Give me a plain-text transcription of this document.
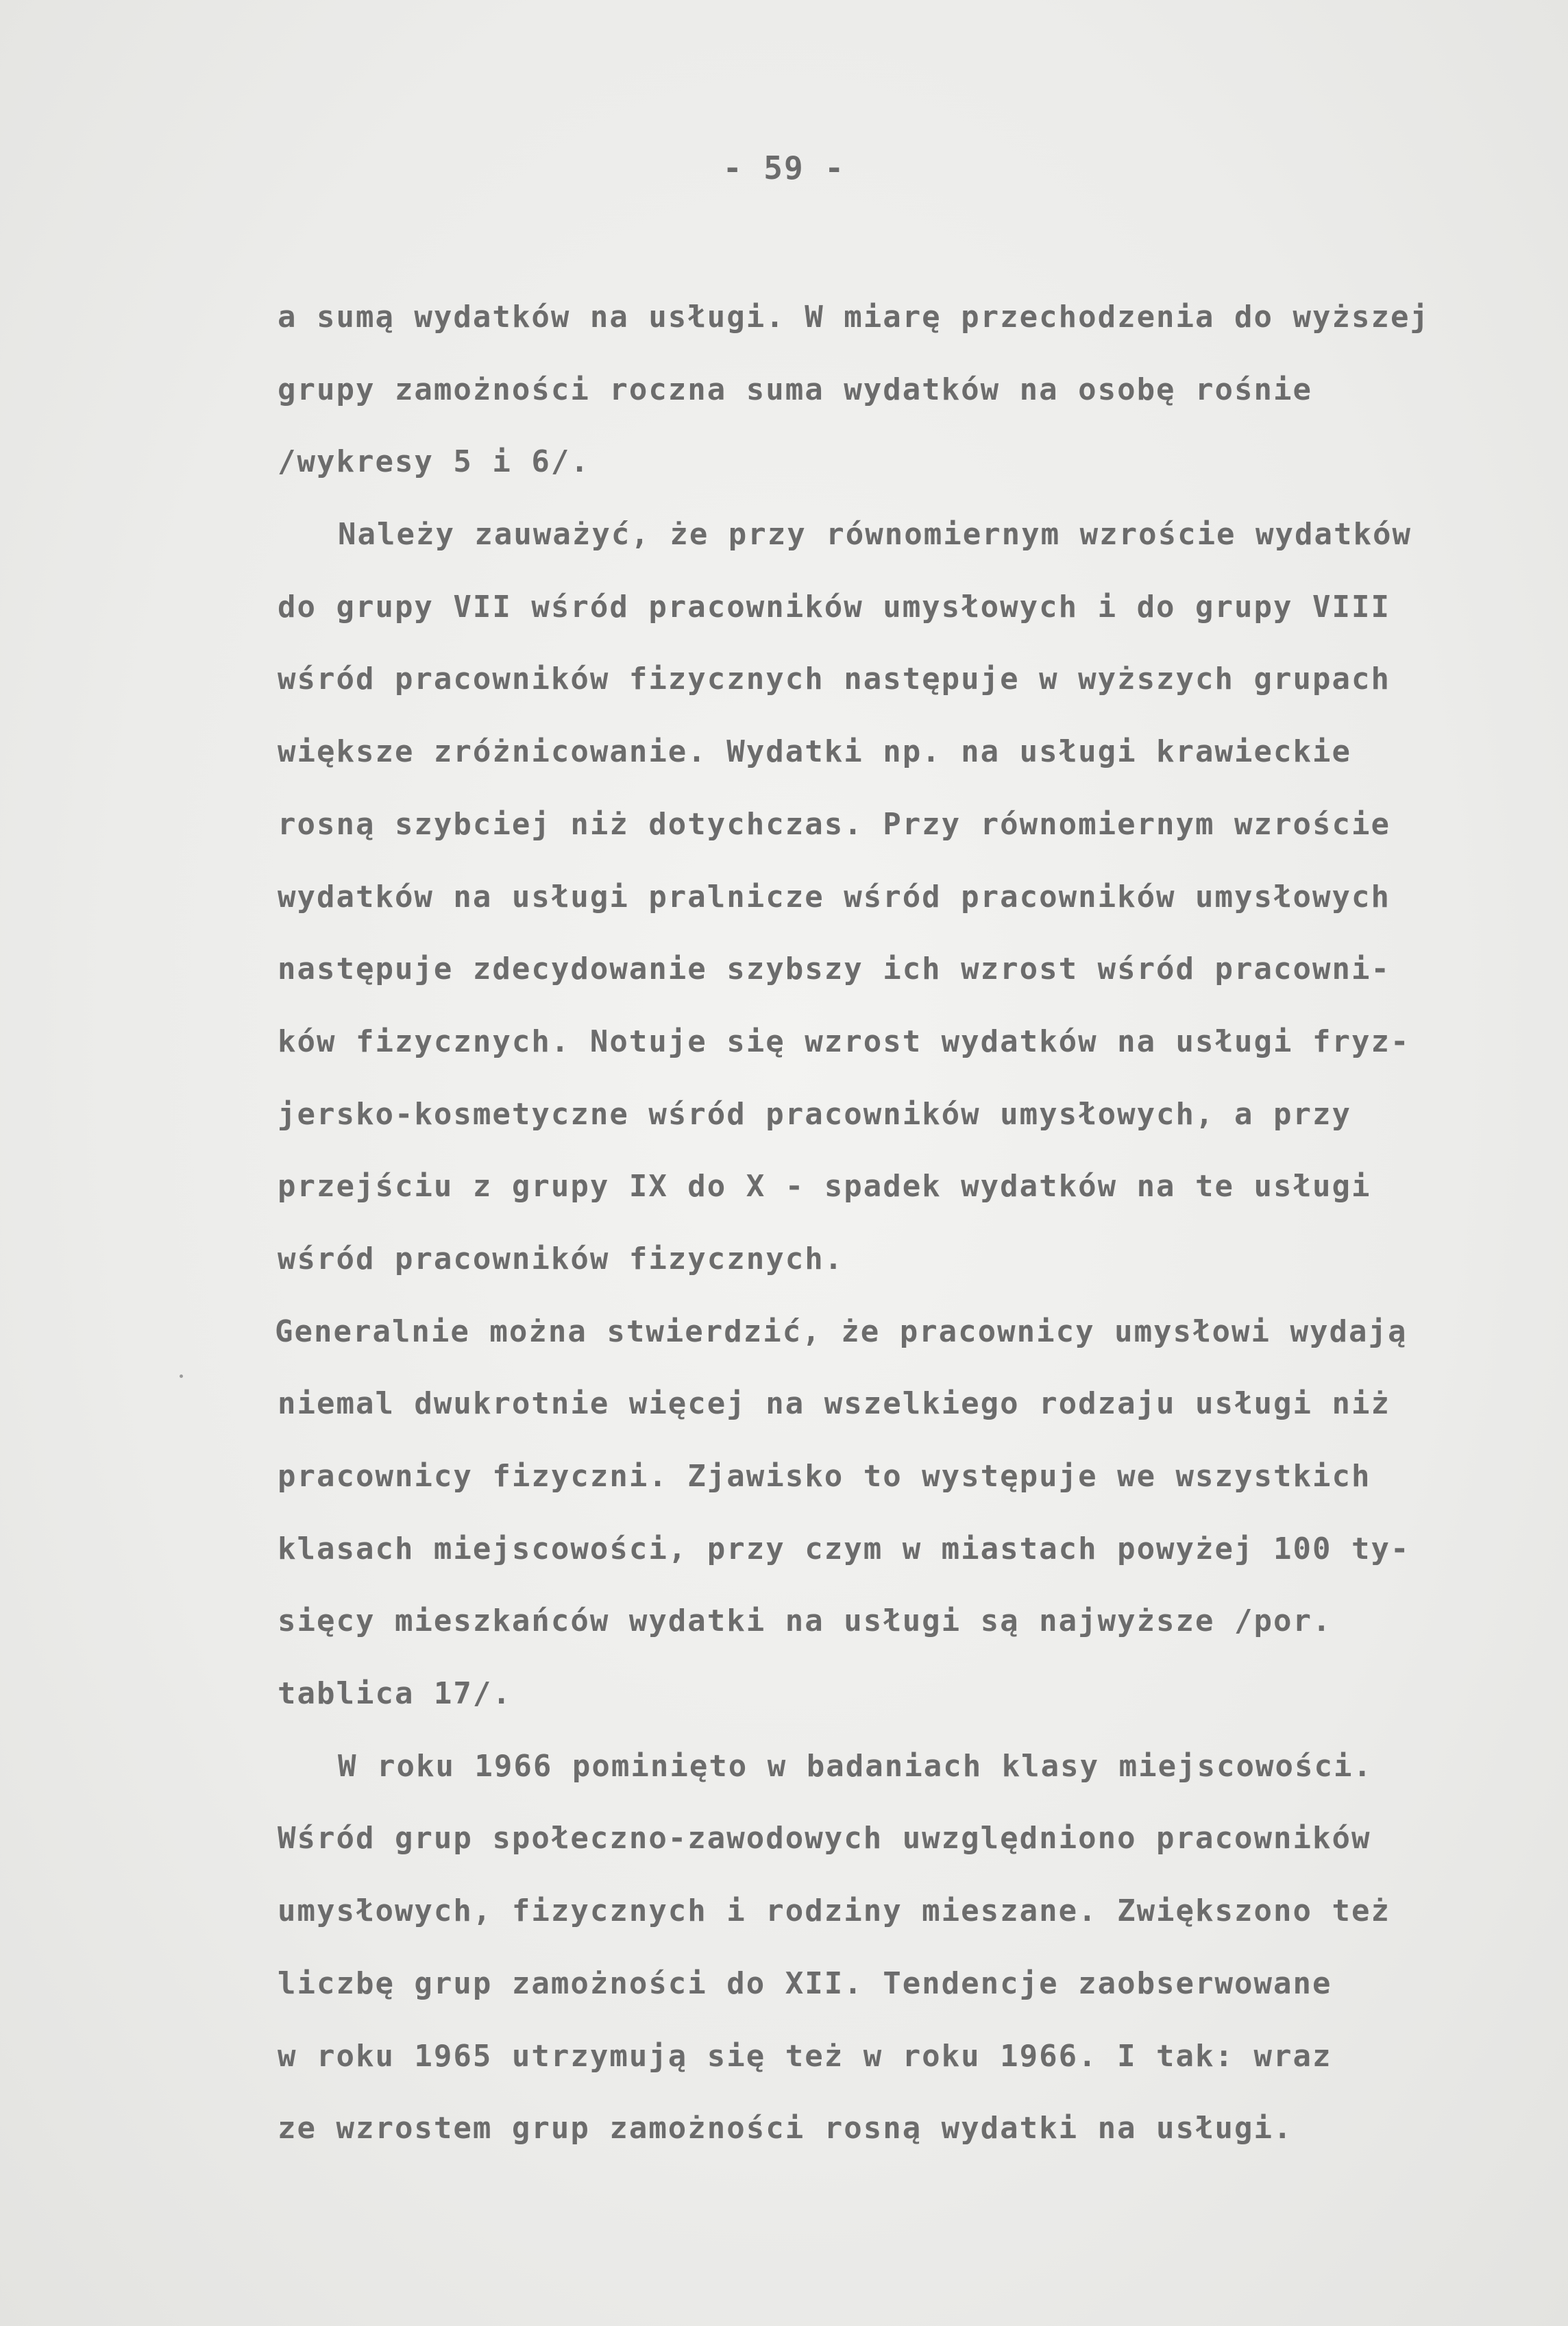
- 59 -
a sumą wydatków na usługi. W miarę przechodzenia do wyższej
grupy zamożności roczna suma wydatków na osobę rośnie
/wykresy 5 i 6/.
Należy zauważyć, że przy równomiernym wzroście wydatków
do grupy VII wśród pracowników umysłowych i do grupy VIII
wśród pracowników fizycznych następuje w wyższych grupach
większe zróżnicowanie. Wydatki np. na usługi krawieckie
rosną szybciej niż dotychczas. Przy równomiernym wzroście
wydatków na usługi pralnicze wśród pracowników umysłowych
następuje zdecydowanie szybszy ich wzrost wśród pracowni-
ków fizycznych. Notuje się wzrost wydatków na usługi fryz-
jersko-kosmetyczne wśród pracowników umysłowych, a przy
przejściu z grupy IX do X - spadek wydatków na te usługi
wśród pracowników fizycznych.
Generalnie można stwierdzić, że pracownicy umysłowi wydają
niemal dwukrotnie więcej na wszelkiego rodzaju usługi niż
pracownicy fizyczni. Zjawisko to występuje we wszystkich
klasach miejscowości, przy czym w miastach powyżej 100 ty-
sięcy mieszkańców wydatki na usługi są najwyższe /por.
tablica 17/.
W roku 1966 pominięto w badaniach klasy miejscowości.
Wśród grup społeczno-zawodowych uwzględniono pracowników
umysłowych, fizycznych i rodziny mieszane. Zwiększono też
liczbę grup zamożności do XII. Tendencje zaobserwowane
w roku 1965 utrzymują się też w roku 1966. I tak: wraz
ze wzrostem grup zamożności rosną wydatki na usługi.
